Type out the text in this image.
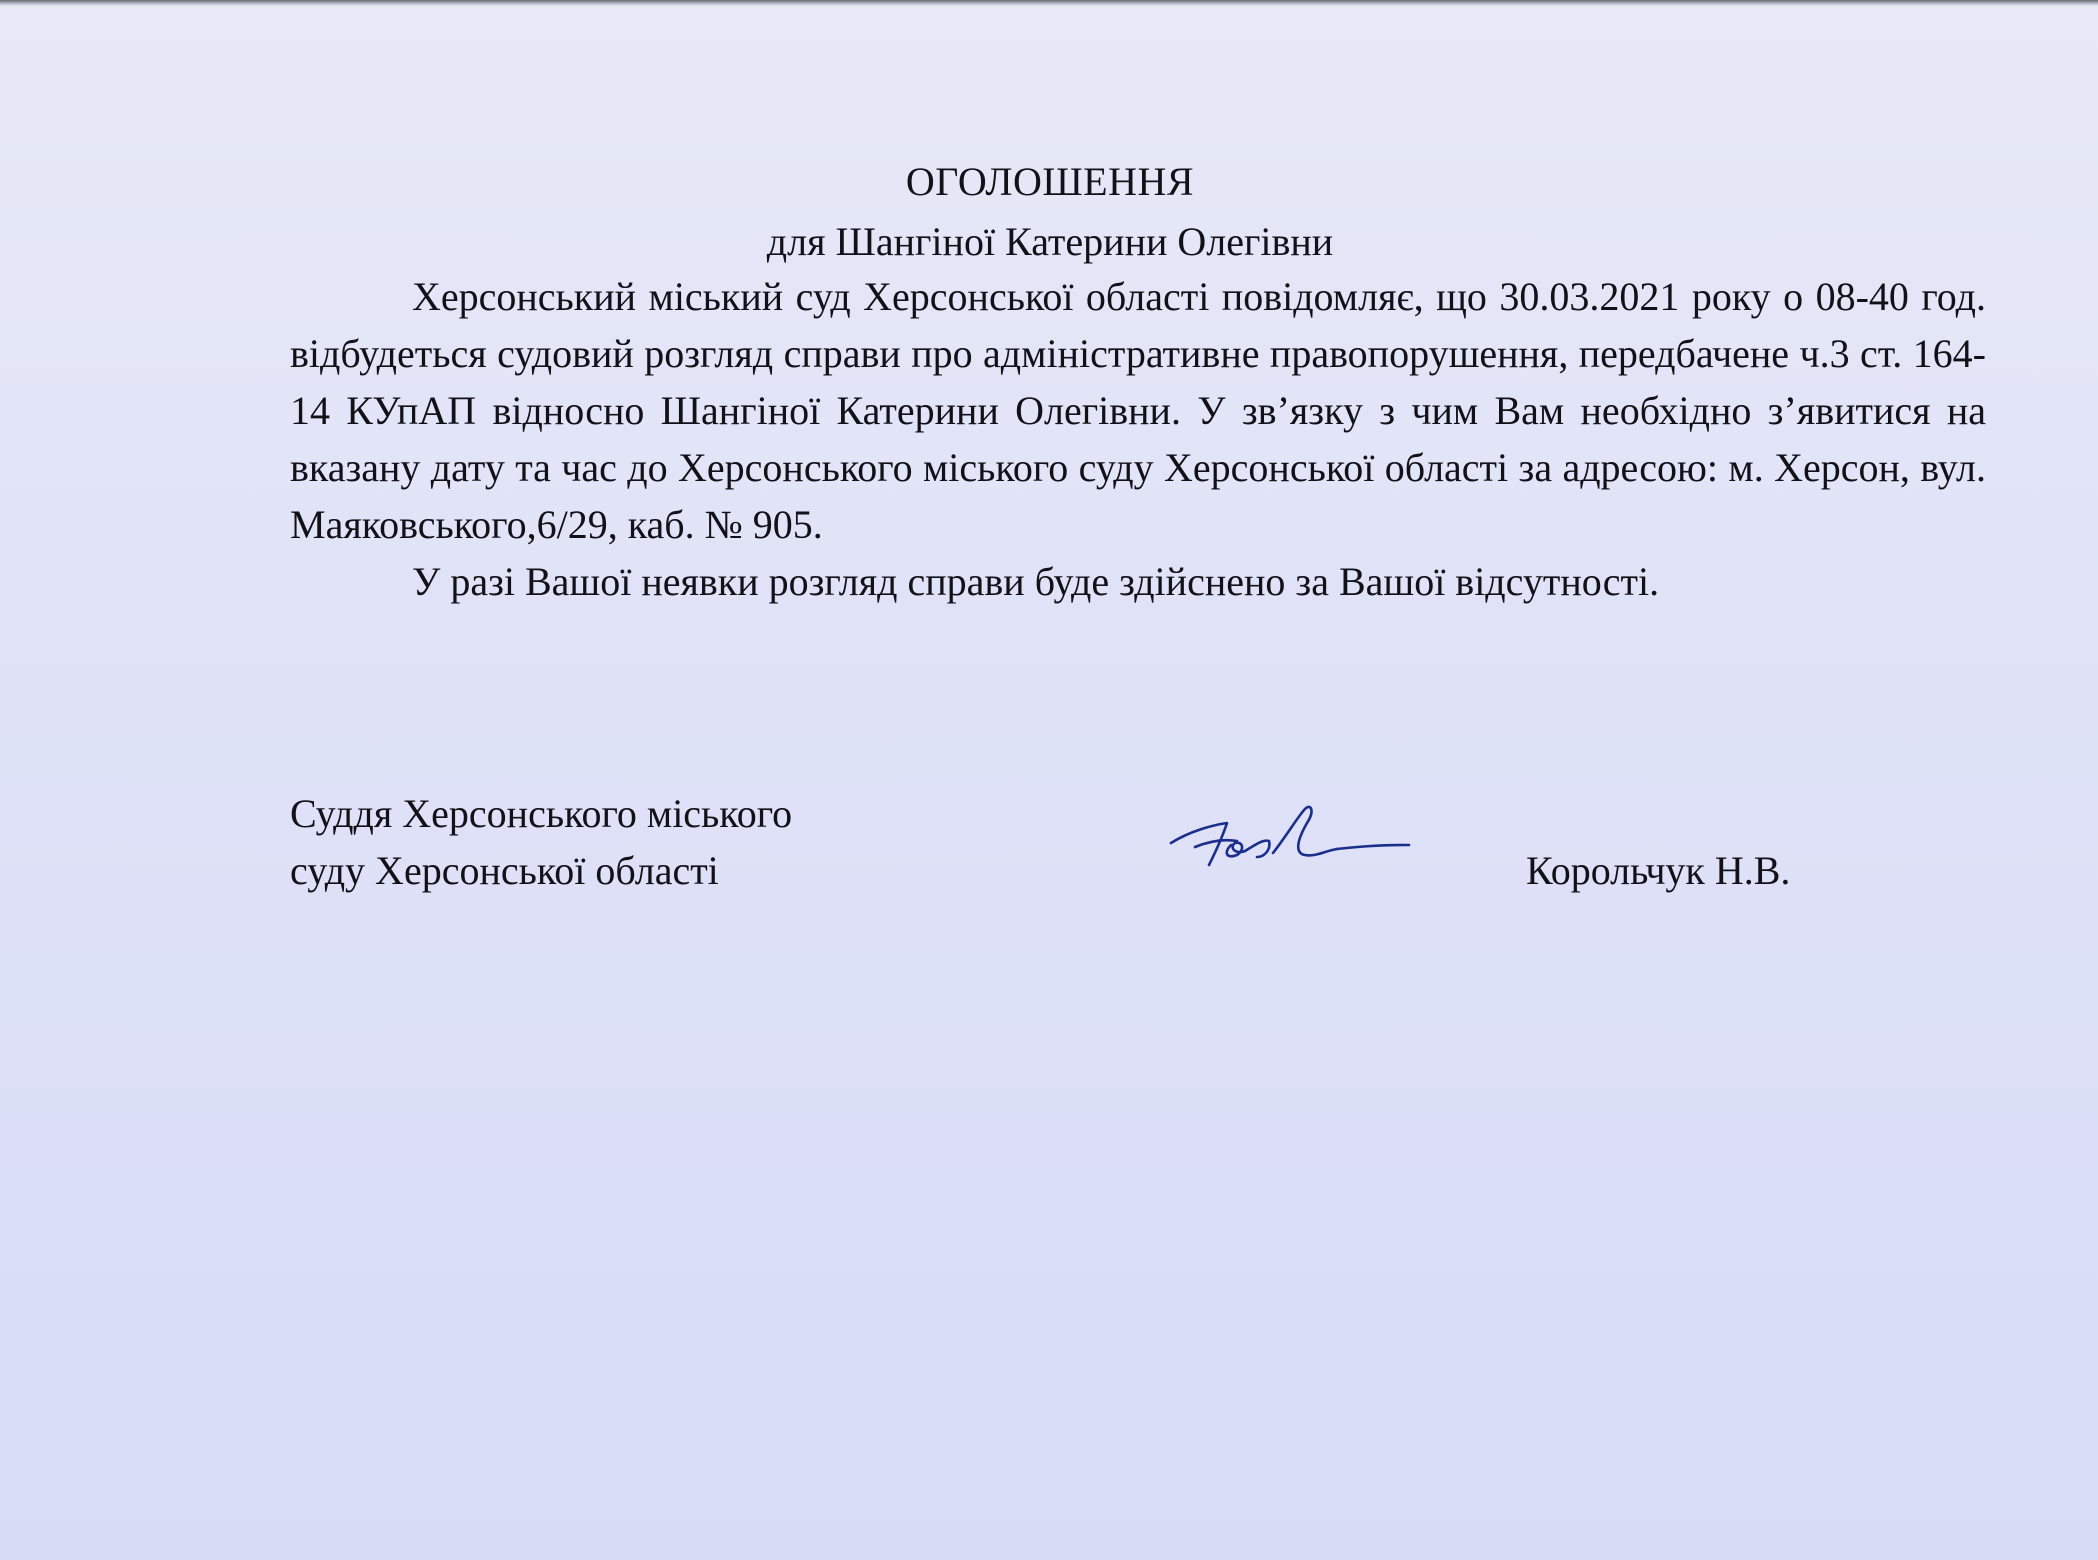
ОГОЛОШЕННЯ
для Шангіної Катерини Олегівни

Херсонський міський суд Херсонської області повідомляє, що 30.03.2021 року о 08-40 год. відбудеться судовий розгляд справи про адміністративне правопорушення, передбачене ч.3 ст. 164-14 КУпАП відносно Шангіної Катерини Олегівни. У зв’язку з чим Вам необхідно з’явитися на вказану дату та час до Херсонського міського суду Херсонської області за адресою: м. Херсон, вул. Маяковського,6/29, каб. № 905.

У разі Вашої неявки розгляд справи буде здійснено за Вашої відсутності.

Суддя Херсонського міського
суду Херсонської області	Корольчук Н.В.
